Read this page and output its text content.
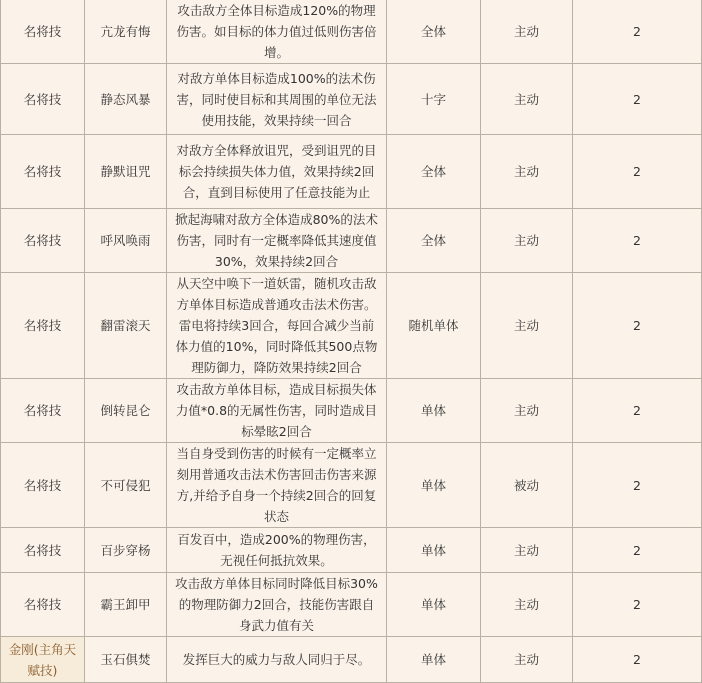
名将技	亢龙有悔	攻击敌方全体目标造成120%的物理伤害。如目标的体力值过低则伤害倍增。	全体	主动	2
名将技	静态风暴	对敌方单体目标造成100%的法术伤害，同时使目标和其周围的单位无法使用技能，效果持续一回合	十字	主动	2
名将技	静默诅咒	对敌方全体释放诅咒，受到诅咒的目标会持续损失体力值，效果持续2回合，直到目标使用了任意技能为止	全体	主动	2
名将技	呼风唤雨	掀起海啸对敌方全体造成80%的法术伤害，同时有一定概率降低其速度值30%，效果持续2回合	全体	主动	2
名将技	翻雷滚天	从天空中唤下一道妖雷，随机攻击敌方单体目标造成普通攻击法术伤害。雷电将持续3回合，每回合减少当前体力值的10%，同时降低其500点物理防御力，降防效果持续2回合	随机单体	主动	2
名将技	倒转昆仑	攻击敌方单体目标，造成目标损失体力值*0.8的无属性伤害，同时造成目标晕眩2回合	单体	主动	2
名将技	不可侵犯	当自身受到伤害的时候有一定概率立刻用普通攻击法术伤害回击伤害来源方,并给予自身一个持续2回合的回复状态	单体	被动	2
名将技	百步穿杨	百发百中，造成200%的物理伤害，无视任何抵抗效果。	单体	主动	2
名将技	霸王卸甲	攻击敌方单体目标同时降低目标30%的物理防御力2回合，技能伤害跟自身武力值有关	单体	主动	2
金刚(主角天赋技)	玉石俱焚	发挥巨大的威力与敌人同归于尽。	单体	主动	2
